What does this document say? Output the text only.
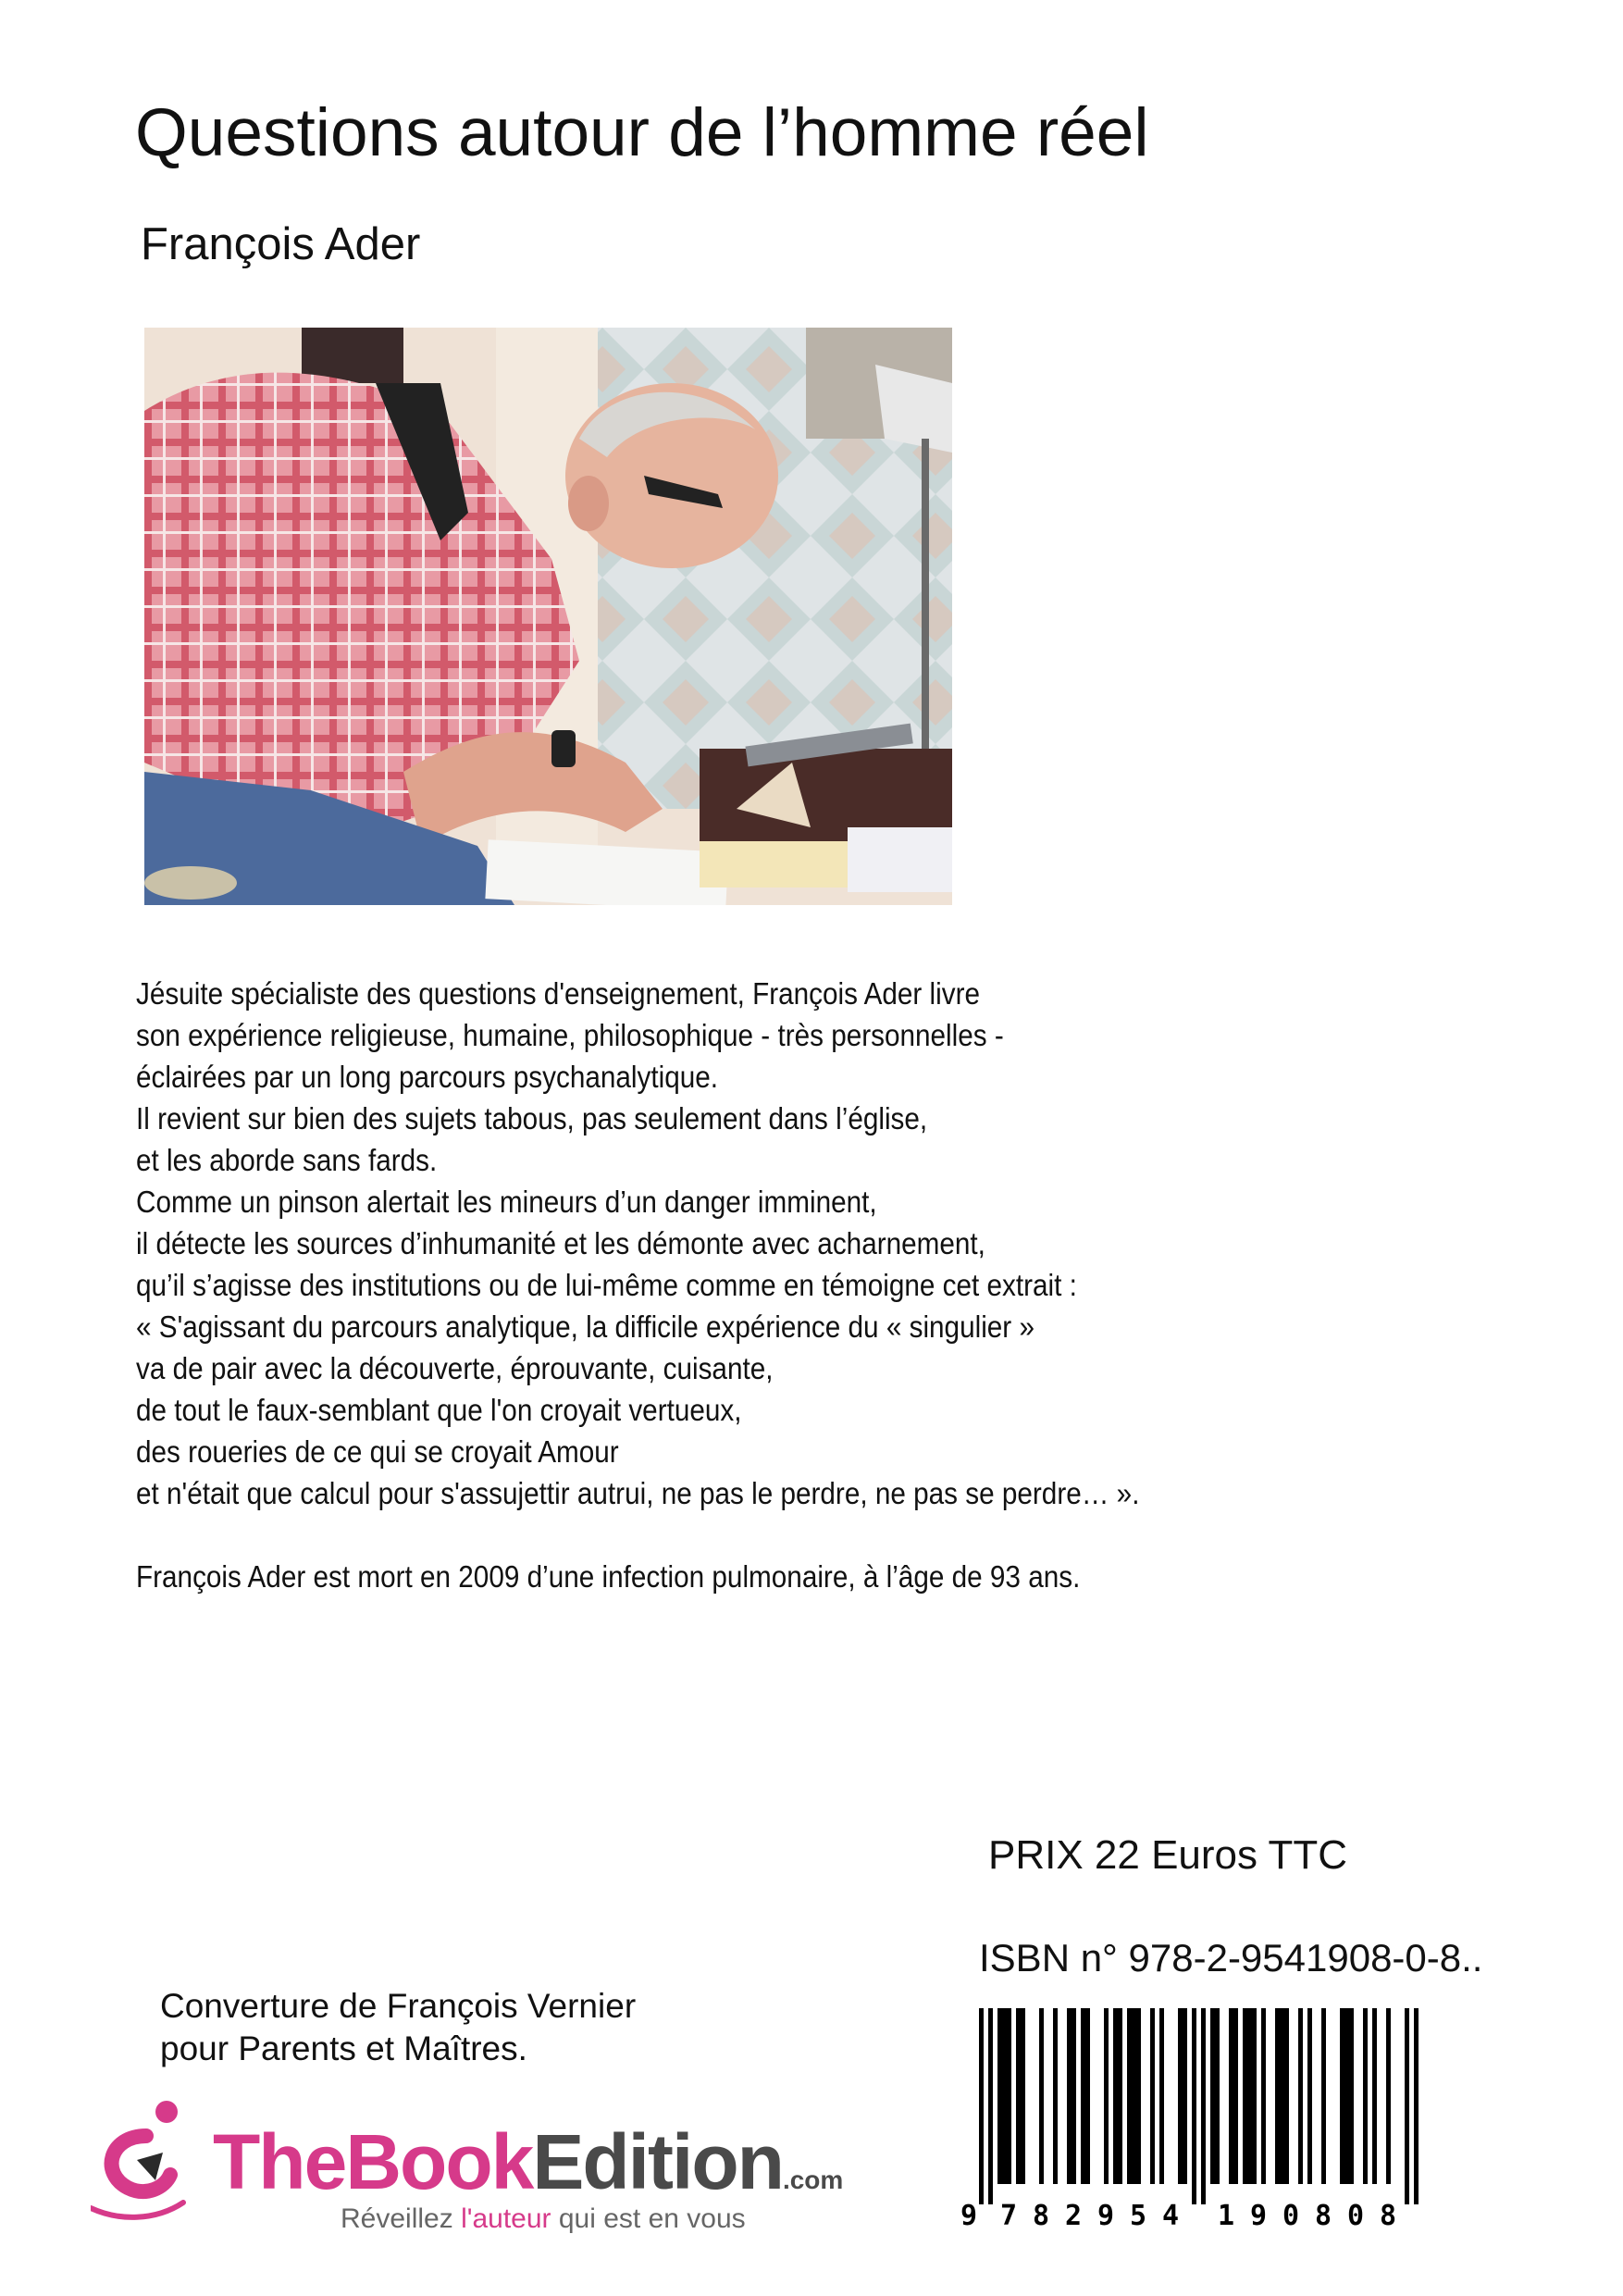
Questions autour de l’homme réel
François Ader
Jésuite spécialiste des questions d'enseignement, François Ader livre
son expérience religieuse, humaine, philosophique - très personnelles -
éclairées par un long parcours psychanalytique.
Il revient sur bien des sujets tabous, pas seulement dans l’église,
et les aborde sans fards.
Comme un pinson alertait les mineurs d’un danger imminent,
il détecte les sources d’inhumanité et les démonte avec acharnement,
qu’il s’agisse des institutions ou de lui-même comme en témoigne cet extrait :
« S'agissant du parcours analytique, la difficile expérience du « singulier »
va de pair avec la découverte, éprouvante, cuisante,
de tout le faux-semblant que l'on croyait vertueux,
des roueries de ce qui se croyait Amour
et n'était que calcul pour s'assujettir autrui, ne pas le perdre, ne pas se perdre… ».
François Ader est mort en 2009 d’une infection pulmonaire, à l’âge de 93 ans.
PRIX 22 Euros TTC
ISBN n° 978-2-9541908-0-8..
Converture de François Vernier
pour Parents et Maîtres.
9 7 8 2 9 5 4 1 9 0 8 0 8
TheBookEdition.com
Réveillez l'auteur qui est en vous
